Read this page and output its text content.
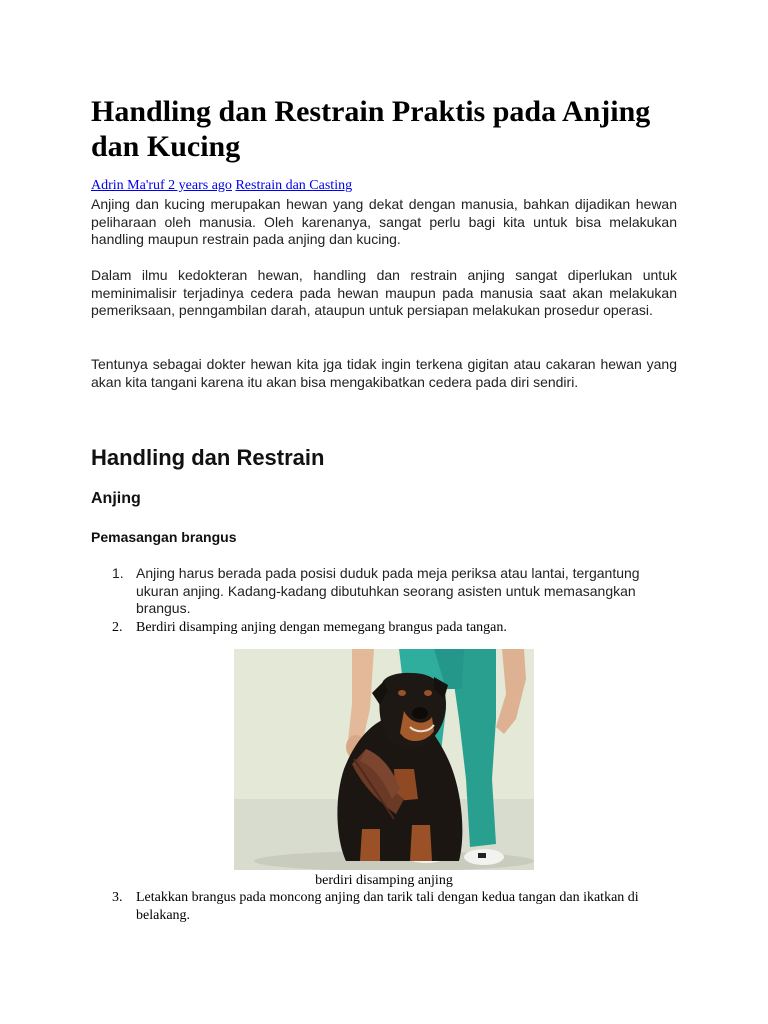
Handling dan Restrain Praktis pada Anjing dan Kucing
Adrin Ma'ruf 2 years ago Restrain dan Casting

Anjing dan kucing merupakan hewan yang dekat dengan manusia, bahkan dijadikan hewan peliharaan oleh manusia. Oleh karenanya, sangat perlu bagi kita untuk bisa melakukan handling maupun restrain pada anjing dan kucing.

Dalam ilmu kedokteran hewan, handling dan restrain anjing sangat diperlukan untuk meminimalisir terjadinya cedera pada hewan maupun pada manusia saat akan melakukan pemeriksaan, penngambilan darah, ataupun untuk persiapan melakukan prosedur operasi.

Tentunya sebagai dokter hewan kita jga tidak ingin terkena gigitan atau cakaran hewan yang akan kita tangani karena itu akan bisa mengakibatkan cedera pada diri sendiri.

Handling dan Restrain
Anjing
Pemasangan brangus
1. Anjing harus berada pada posisi duduk pada meja periksa atau lantai, tergantung ukuran anjing. Kadang-kadang dibutuhkan seorang asisten untuk memasangkan brangus.
2. Berdiri disamping anjing dengan memegang brangus pada tangan.
berdiri disamping anjing
3. Letakkan brangus pada moncong anjing dan tarik tali dengan kedua tangan dan ikatkan di belakang.
